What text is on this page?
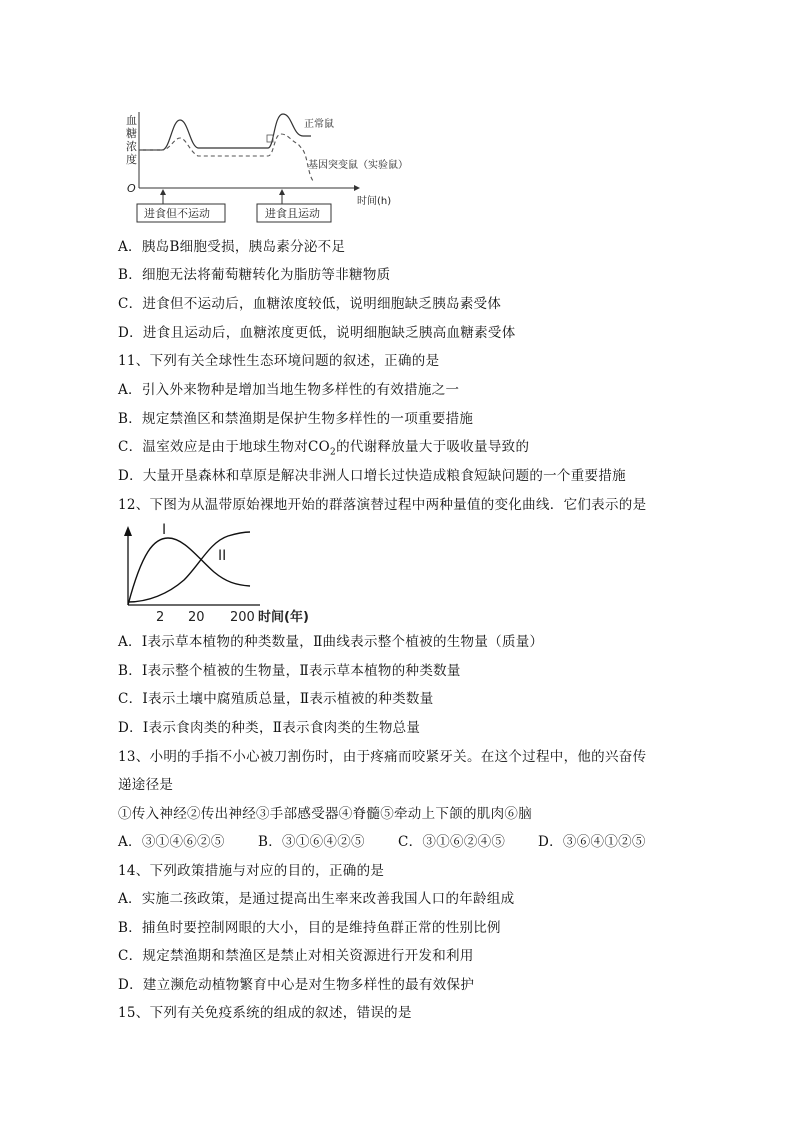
血
糖
浓
度
O
时间(h)
正常鼠
基因突变鼠（实验鼠）
进食但不运动	进食且运动
A．胰岛B细胞受损，胰岛素分泌不足
B．细胞无法将葡萄糖转化为脂肪等非糖物质
C．进食但不运动后，血糖浓度较低，说明细胞缺乏胰岛素受体
D．进食且运动后，血糖浓度更低，说明细胞缺乏胰高血糖素受体
11、下列有关全球性生态环境问题的叙述，正确的是
A．引入外来物种是增加当地生物多样性的有效措施之一
B．规定禁渔区和禁渔期是保护生物多样性的一项重要措施
C．温室效应是由于地球生物对$CO_2$的代谢释放量大于吸收量导致的
D．大量开垦森林和草原是解决非洲人口增长过快造成粮食短缺问题的一个重要措施
12、下图为从温带原始裸地开始的群落演替过程中两种量值的变化曲线．它们表示的是
I
II
2 20 200 时间(年)
A．Ⅰ表示草本植物的种类数量，Ⅱ曲线表示整个植被的生物量（质量）
B．Ⅰ表示整个植被的生物量，Ⅱ表示草本植物的种类数量
C．Ⅰ表示土壤中腐殖质总量，Ⅱ表示植被的种类数量
D．Ⅰ表示食肉类的种类，Ⅱ表示食肉类的生物总量
13、小明的手指不小心被刀割伤时，由于疼痛而咬紧牙关。在这个过程中，他的兴奋传
递途径是
①传入神经②传出神经③手部感受器④脊髓⑤牵动上下颌的肌肉⑥脑
A．③①④⑥②⑤ B．③①⑥④②⑤ C．③①⑥②④⑤ D．③⑥④①②⑤
14、下列政策措施与对应的目的，正确的是
A．实施二孩政策，是通过提高出生率来改善我国人口的年龄组成
B．捕鱼时要控制网眼的大小，目的是维持鱼群正常的性别比例
C．规定禁渔期和禁渔区是禁止对相关资源进行开发和利用
D．建立濒危动植物繁育中心是对生物多样性的最有效保护
15、下列有关免疫系统的组成的叙述，错误的是
